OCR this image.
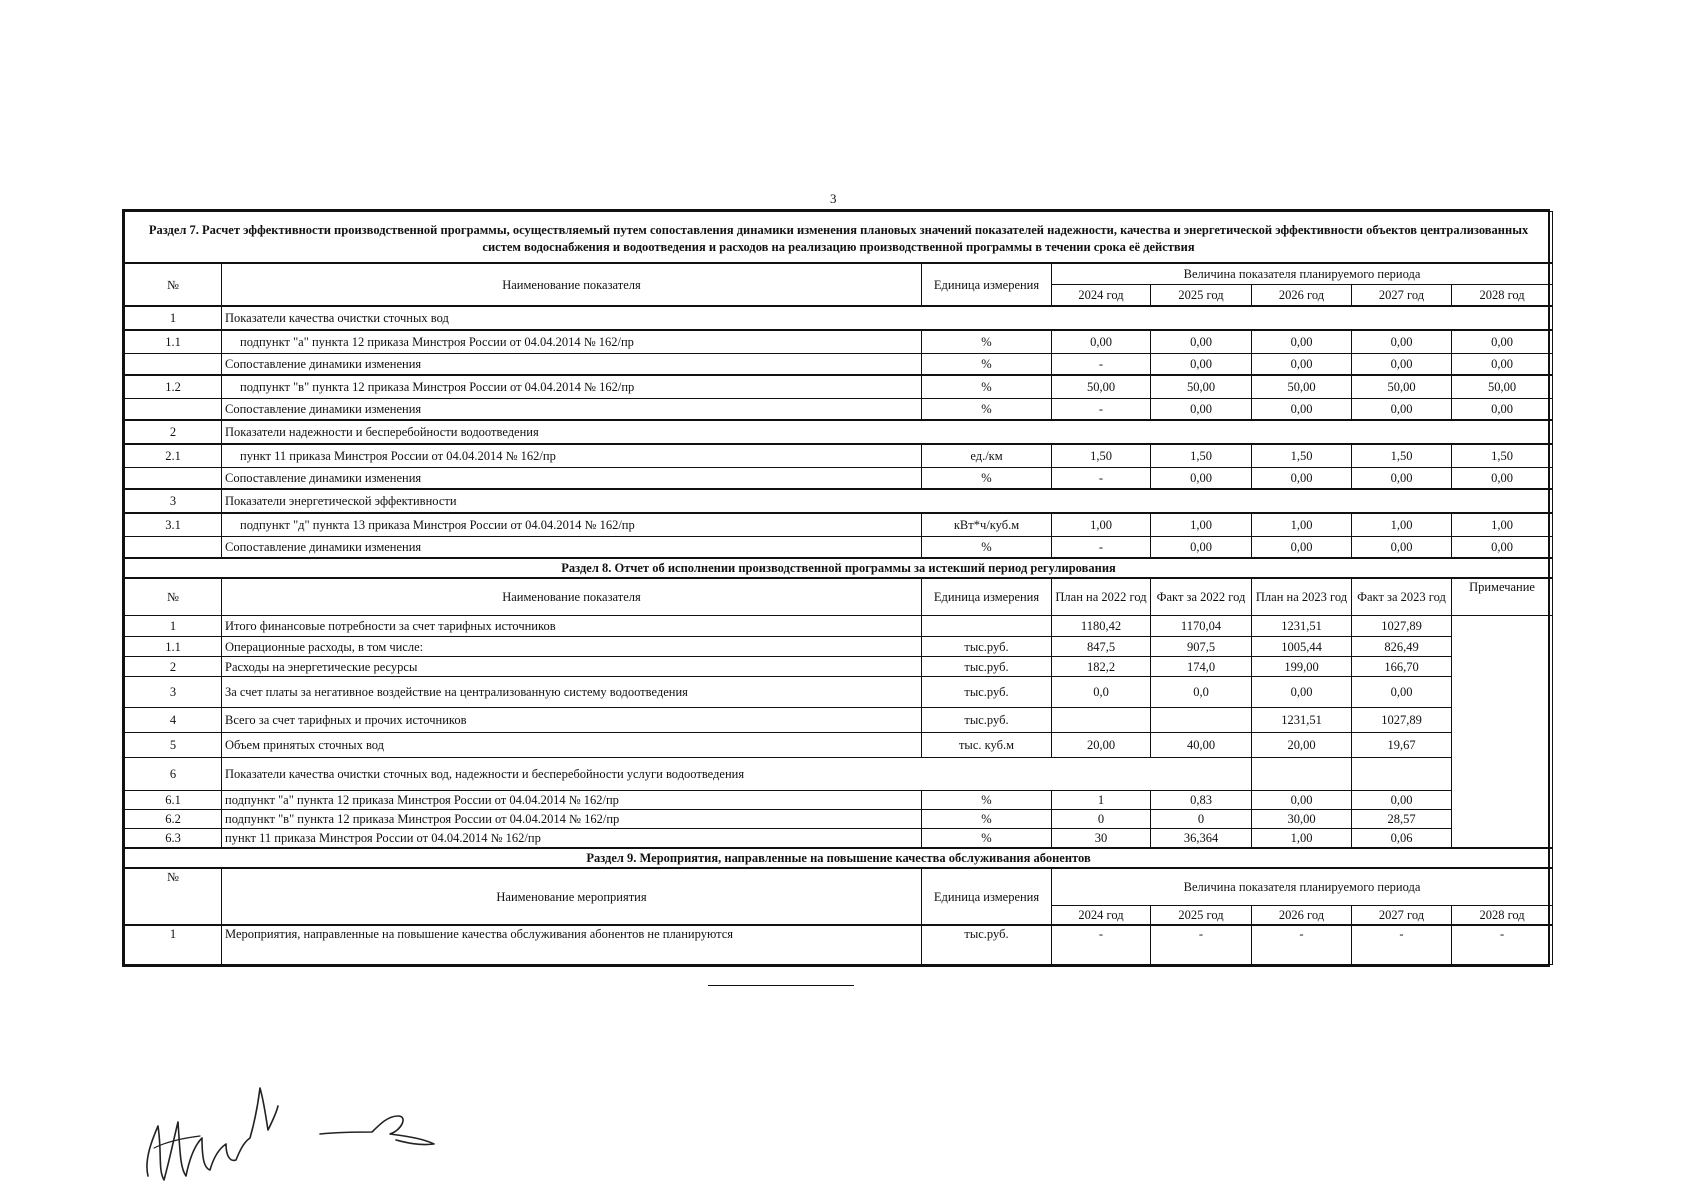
3
Раздел 7. Расчет эффективности производственной программы, осуществляемый путем сопоставления динамики изменения плановых значений показателей надежности, качества и энергетической эффективности объектов централизованных систем водоснабжения и водоотведения и расходов на реализацию производственной программы в течении срока её действия							
№	Наименование показателя	Единица измерения	Величина показателя планируемого периода				
			2024 год	2025 год	2026 год	2027 год	2028 год
1	Показатели качества очистки сточных вод						
1.1	подпункт "а" пункта 12 приказа Минстроя России от 04.04.2014 № 162/пр	%	0,00	0,00	0,00	0,00	0,00
	Сопоставление динамики изменения	%	-	0,00	0,00	0,00	0,00
1.2	подпункт "в" пункта 12 приказа Минстроя России от 04.04.2014 № 162/пр	%	50,00	50,00	50,00	50,00	50,00
	Сопоставление динамики изменения	%	-	0,00	0,00	0,00	0,00
2	Показатели надежности и бесперебойности водоотведения						
2.1	пункт 11 приказа Минстроя России от 04.04.2014 № 162/пр	ед./км	1,50	1,50	1,50	1,50	1,50
	Сопоставление динамики изменения	%	-	0,00	0,00	0,00	0,00
3	Показатели энергетической эффективности						
3.1	подпункт "д" пункта 13 приказа Минстроя России от 04.04.2014 № 162/пр	кВт*ч/куб.м	1,00	1,00	1,00	1,00	1,00
	Сопоставление динамики изменения	%	-	0,00	0,00	0,00	0,00
Раздел 8. Отчет об исполнении производственной программы за истекший период регулирования							
№	Наименование показателя	Единица измерения	План на 2022 год	Факт за 2022 год	План на 2023 год	Факт за 2023 год	Примечание
1	Итого финансовые потребности за счет тарифных источников		1180,42	1170,04	1231,51	1027,89	
1.1	Операционные расходы, в том числе:	тыс.руб.	847,5	907,5	1005,44	826,49	
2	Расходы на энергетические ресурсы	тыс.руб.	182,2	174,0	199,00	166,70	
3	За счет платы за негативное воздействие на централизованную систему водоотведения	тыс.руб.	0,0	0,0	0,00	0,00	
4	Всего за счет тарифных и прочих источников	тыс.руб.			1231,51	1027,89	
5	Объем принятых сточных вод	тыс. куб.м	20,00	40,00	20,00	19,67	
6	Показатели качества очистки сточных вод, надежности и бесперебойности услуги водоотведения						
6.1	подпункт "а" пункта 12 приказа Минстроя России от 04.04.2014 № 162/пр	%	1	0,83	0,00	0,00	
6.2	подпункт "в" пункта 12 приказа Минстроя России от 04.04.2014 № 162/пр	%	0	0	30,00	28,57	
6.3	пункт 11 приказа Минстроя России от 04.04.2014 № 162/пр	%	30	36,364	1,00	0,06	
Раздел 9. Мероприятия, направленные на повышение качества обслуживания абонентов							
№	Наименование мероприятия	Единица измерения	Величина показателя планируемого периода				
			2024 год	2025 год	2026 год	2027 год	2028 год
1	Мероприятия, направленные на повышение качества обслуживания абонентов не планируются	тыс.руб.	-	-	-	-	-
